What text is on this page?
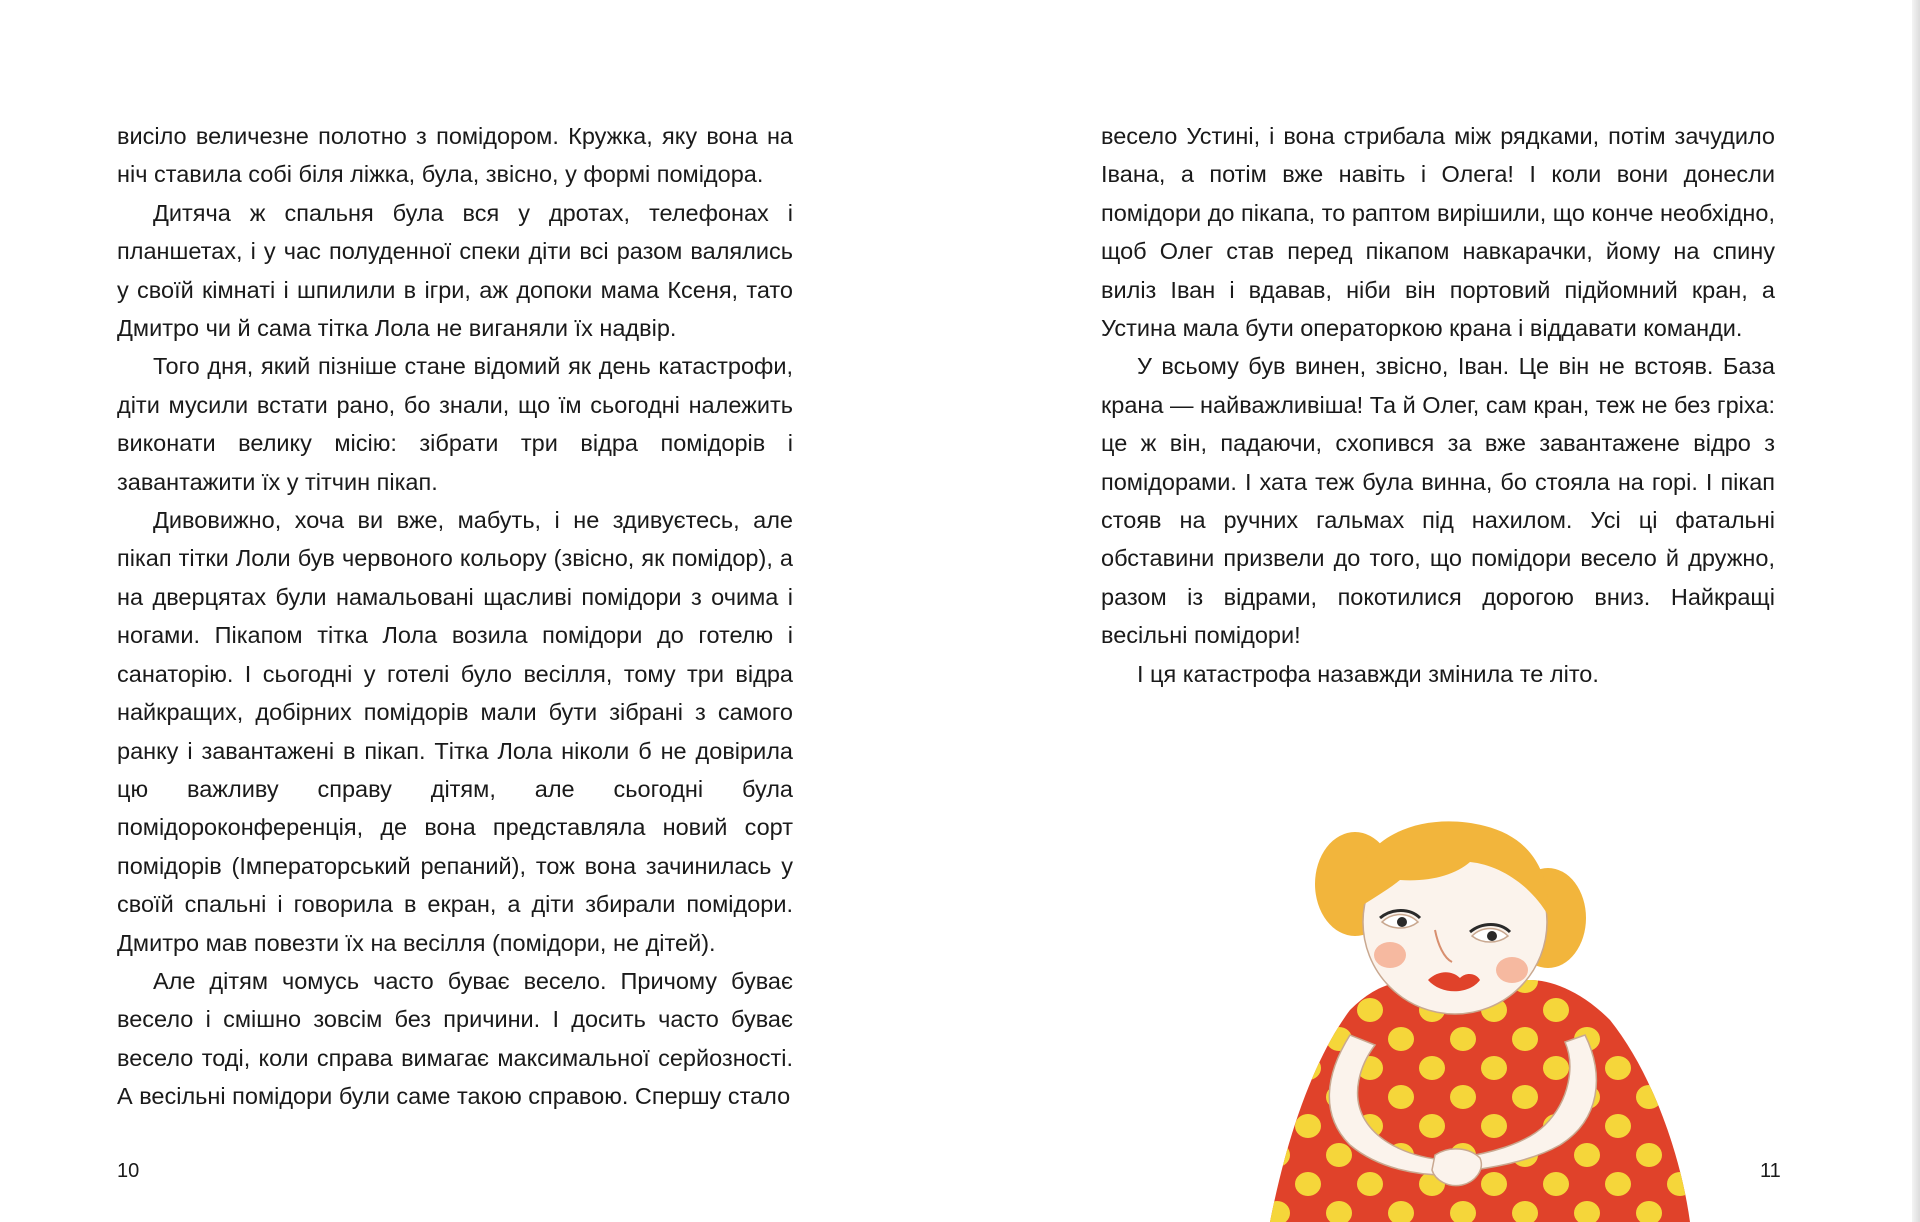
висіло величезне полотно з помідором. Кружка, яку вона на ніч ставила собі біля ліжка, була, звісно, у формі помідора.

Дитяча ж спальня була вся у дротах, телефонах і планшетах, і у час полуденної спеки діти всі разом валялись у своїй кімнаті і шпилили в ігри, аж допоки мама Ксеня, тато Дмитро чи й сама тітка Лола не виганяли їх надвір.

Того дня, який пізніше стане відомий як день катастрофи, діти мусили встати рано, бо знали, що їм сьогодні належить виконати велику місію: зібрати три відра помідорів і завантажити їх у тітчин пікап.

Дивовижно, хоча ви вже, мабуть, і не здивуєтесь, але пікап тітки Лоли був червоного кольору (звісно, як помідор), а на дверцятах були намальовані щасливі помідори з очима і ногами. Пікапом тітка Лола возила помідори до готелю і санаторію. І сьогодні у готелі було весілля, тому три відра найкращих, добірних помідорів мали бути зібрані з самого ранку і завантажені в пікап. Тітка Лола ніколи б не довірила цю важливу справу дітям, але сьогодні була помідороконференція, де вона представляла новий сорт помідорів (Імператорський репаний), тож вона зачинилась у своїй спальні і говорила в екран, а діти збирали помідори. Дмитро мав повезти їх на весілля (помідори, не дітей).

Але дітям чомусь часто буває весело. Причому буває весело і смішно зовсім без причини. І досить часто буває весело тоді, коли справа вимагає максимальної серйозності. А весільні помідори були саме такою справою. Спершу стало

10

весело Устині, і вона стрибала між рядками, потім зачудило Івана, а потім вже навіть і Олега! І коли вони донесли помідори до пікапа, то раптом вирішили, що конче необхідно, щоб Олег став перед пікапом навкарачки, йому на спину виліз Іван і вдавав, ніби він портовий підйомний кран, а Устина мала бути операторкою крана і віддавати команди.

У всьому був винен, звісно, Іван. Це він не встояв. База крана — найважливіша! Та й Олег, сам кран, теж не без гріха: це ж він, падаючи, схопився за вже завантажене відро з помідорами. І хата теж була винна, бо стояла на горі. І пікап стояв на ручних гальмах під нахилом. Усі ці фатальні обставини призвели до того, що помідори весело й дружно, разом із відрами, покотилися дорогою вниз. Найкращі весільні помідори!

І ця катастрофа назавжди змінила те літо.

11
